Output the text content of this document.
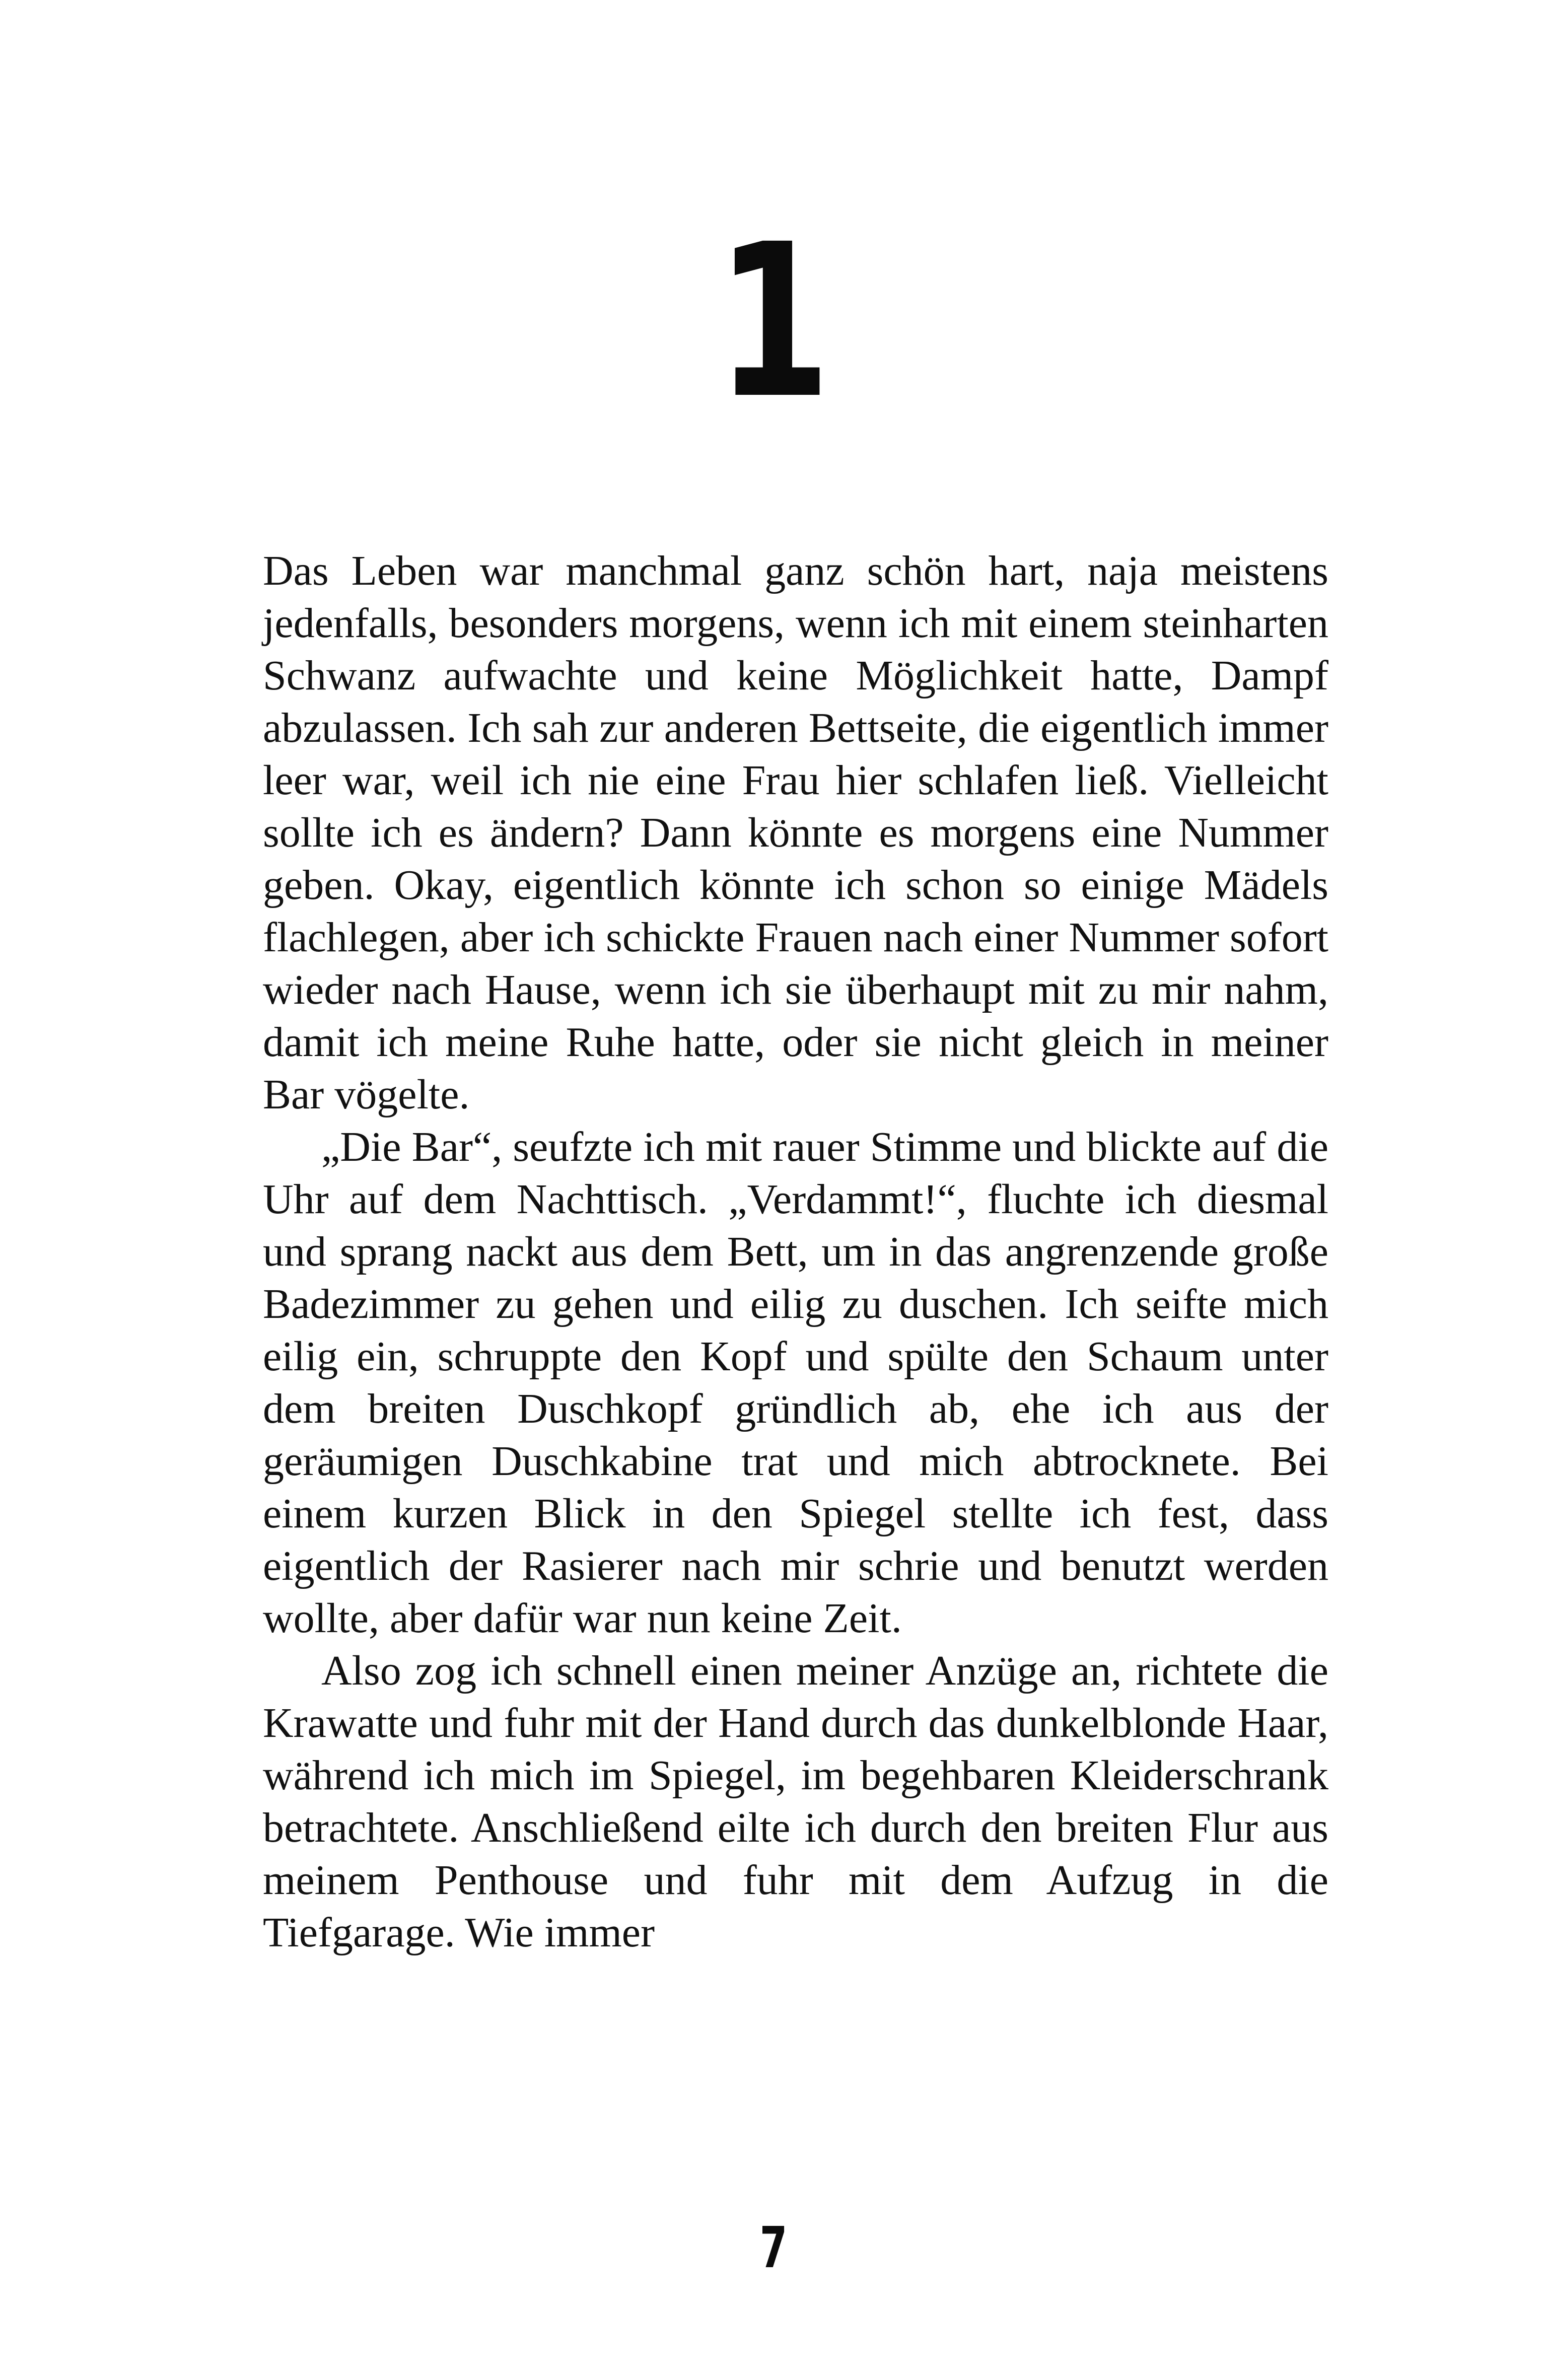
1

Das Leben war manchmal ganz schön hart, naja meistens jedenfalls, besonders morgens, wenn ich mit einem steinharten Schwanz aufwachte und keine Möglichkeit hatte, Dampf abzulassen. Ich sah zur anderen Bettseite, die eigentlich immer leer war, weil ich nie eine Frau hier schlafen ließ. Vielleicht sollte ich es ändern? Dann könnte es morgens eine Nummer geben. Okay, eigentlich könnte ich schon so einige Mädels flachlegen, aber ich schickte Frauen nach einer Nummer sofort wieder nach Hause, wenn ich sie überhaupt mit zu mir nahm, damit ich meine Ruhe hatte, oder sie nicht gleich in meiner Bar vögelte.

„Die Bar“, seufzte ich mit rauer Stimme und blickte auf die Uhr auf dem Nachttisch. „Verdammt!“, fluchte ich diesmal und sprang nackt aus dem Bett, um in das angrenzende große Badezimmer zu gehen und eilig zu duschen. Ich seifte mich eilig ein, schruppte den Kopf und spülte den Schaum unter dem breiten Duschkopf gründlich ab, ehe ich aus der geräumigen Duschkabine trat und mich abtrocknete. Bei einem kurzen Blick in den Spiegel stellte ich fest, dass eigentlich der Rasierer nach mir schrie und benutzt werden wollte, aber dafür war nun keine Zeit.

Also zog ich schnell einen meiner Anzüge an, richtete die Krawatte und fuhr mit der Hand durch das dunkelblonde Haar, während ich mich im Spiegel, im begehbaren Kleiderschrank betrachtete. Anschließend eilte ich durch den breiten Flur aus meinem Penthouse und fuhr mit dem Aufzug in die Tiefgarage. Wie immer

7
